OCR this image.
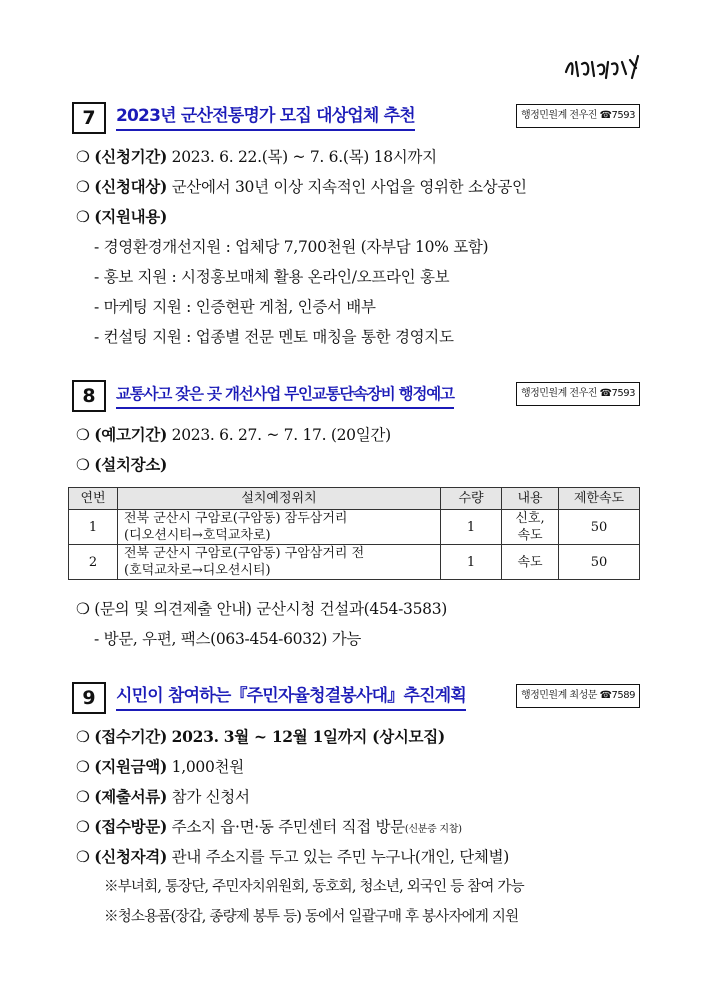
7	2023년 군산전통명가 모집 대상업체 추천	행정민원계 전우진 ☎7593
❍ (신청기간) 2023. 6. 22.(목) ~ 7. 6.(목) 18시까지
❍ (신청대상) 군산에서 30년 이상 지속적인 사업을 영위한 소상공인
❍ (지원내용)
- 경영환경개선지원 : 업체당 7,700천원 (자부담 10% 포함)
- 홍보 지원 : 시정홍보매체 활용 온라인/오프라인 홍보
- 마케팅 지원 : 인증현판 게첨, 인증서 배부
- 컨설팅 지원 : 업종별 전문 멘토 매칭을 통한 경영지도
8	교통사고 잦은 곳 개선사업 무인교통단속장비 행정예고	행정민원계 전우진 ☎7593
❍ (예고기간) 2023. 6. 27. ~ 7. 17. (20일간)
❍ (설치장소)
연번	설치예정위치	수량	내용	제한속도
1	전북 군산시 구암로(구암동) 잠두삼거리
(디오션시티→호덕교차로)	1	신호, 속도	50
2	전북 군산시 구암로(구암동) 구암삼거리 전
(호덕교차로→디오션시티)	1	속도	50
❍ (문의 및 의견제출 안내) 군산시청 건설과(454-3583)
- 방문, 우편, 팩스(063-454-6032) 가능
9	시민이 참여하는『주민자율청결봉사대』추진계획	행정민원계 최성문 ☎7589
❍ (접수기간) 2023. 3월 ~ 12월 1일까지 (상시모집)
❍ (지원금액) 1,000천원
❍ (제출서류) 참가 신청서
❍ (접수방문) 주소지 읍·면·동 주민센터 직접 방문(신분증 지참)
❍ (신청자격) 관내 주소지를 두고 있는 주민 누구나(개인, 단체별)
※부녀회, 통장단, 주민자치위원회, 동호회, 청소년, 외국인 등 참여 가능
※청소용품(장갑, 종량제 봉투 등) 동에서 일괄구매 후 봉사자에게 지원
